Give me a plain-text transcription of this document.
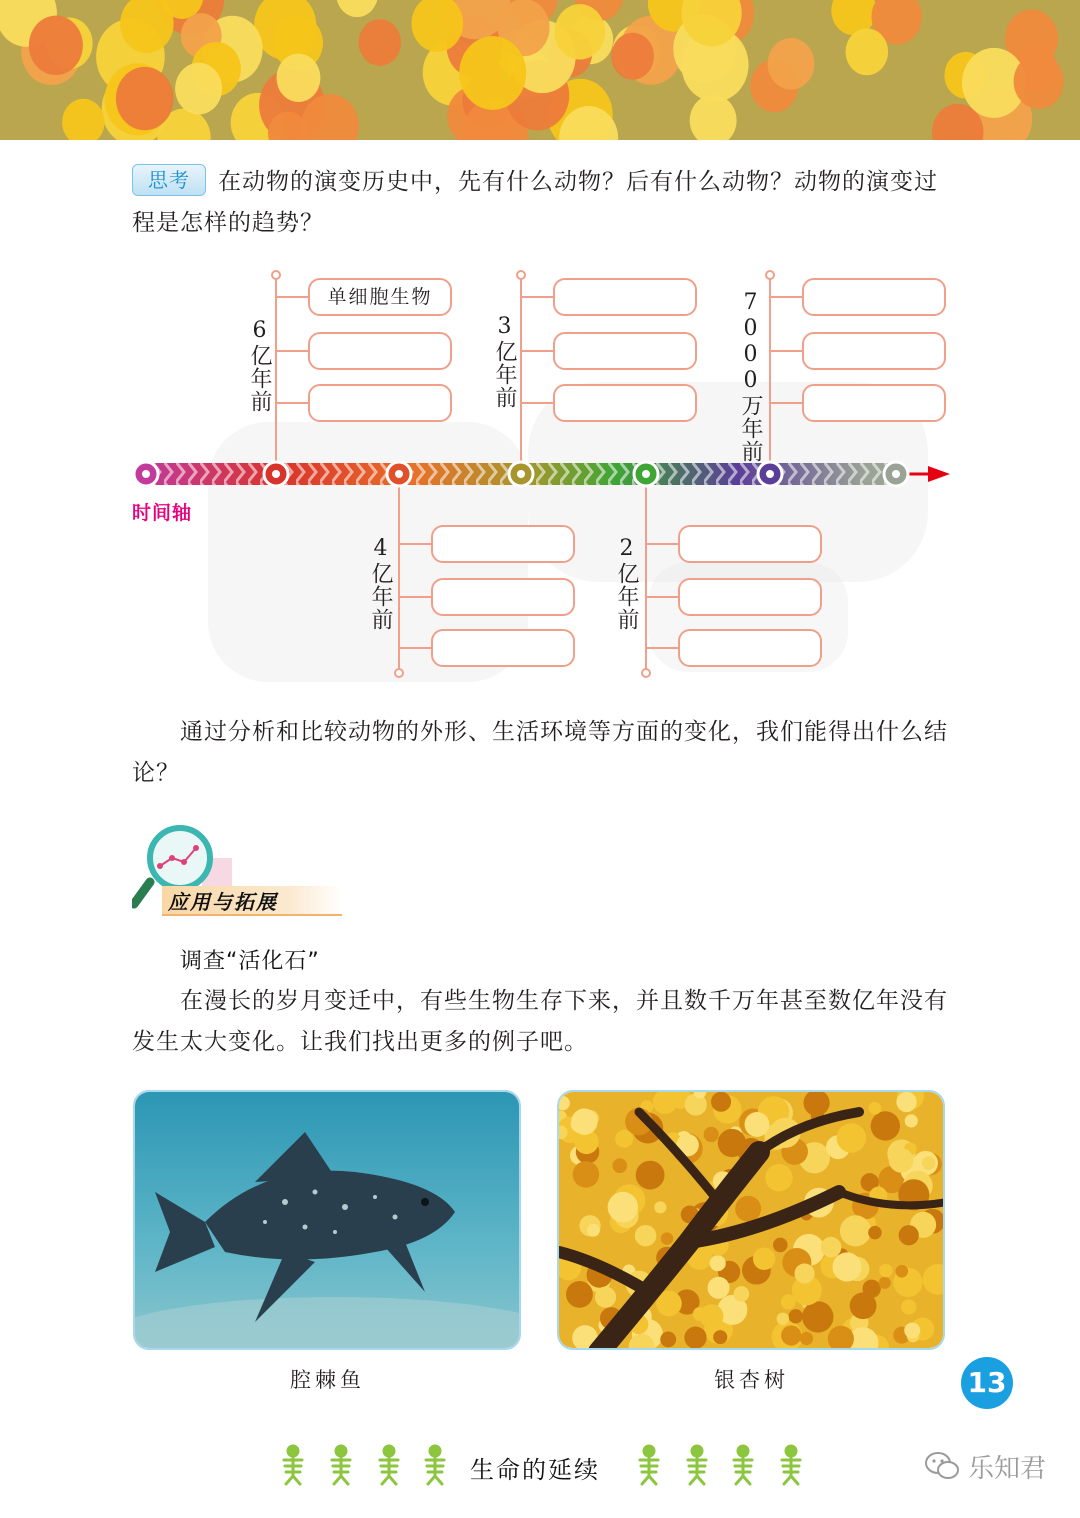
思考 在动物的演变历史中，先有什么动物？后有什么动物？动物的演变过程是怎样的趋势？
时间轴
6亿年前
4亿年前
3亿年前
2亿年前
7000万年前
单细胞生物
通过分析和比较动物的外形、生活环境等方面的变化，我们能得出什么结论？
应用与拓展
调查“活化石”
在漫长的岁月变迁中，有些生物生存下来，并且数千万年甚至数亿年没有发生太大变化。让我们找出更多的例子吧。
腔棘鱼	银杏树	13
生命的延续	乐知君
